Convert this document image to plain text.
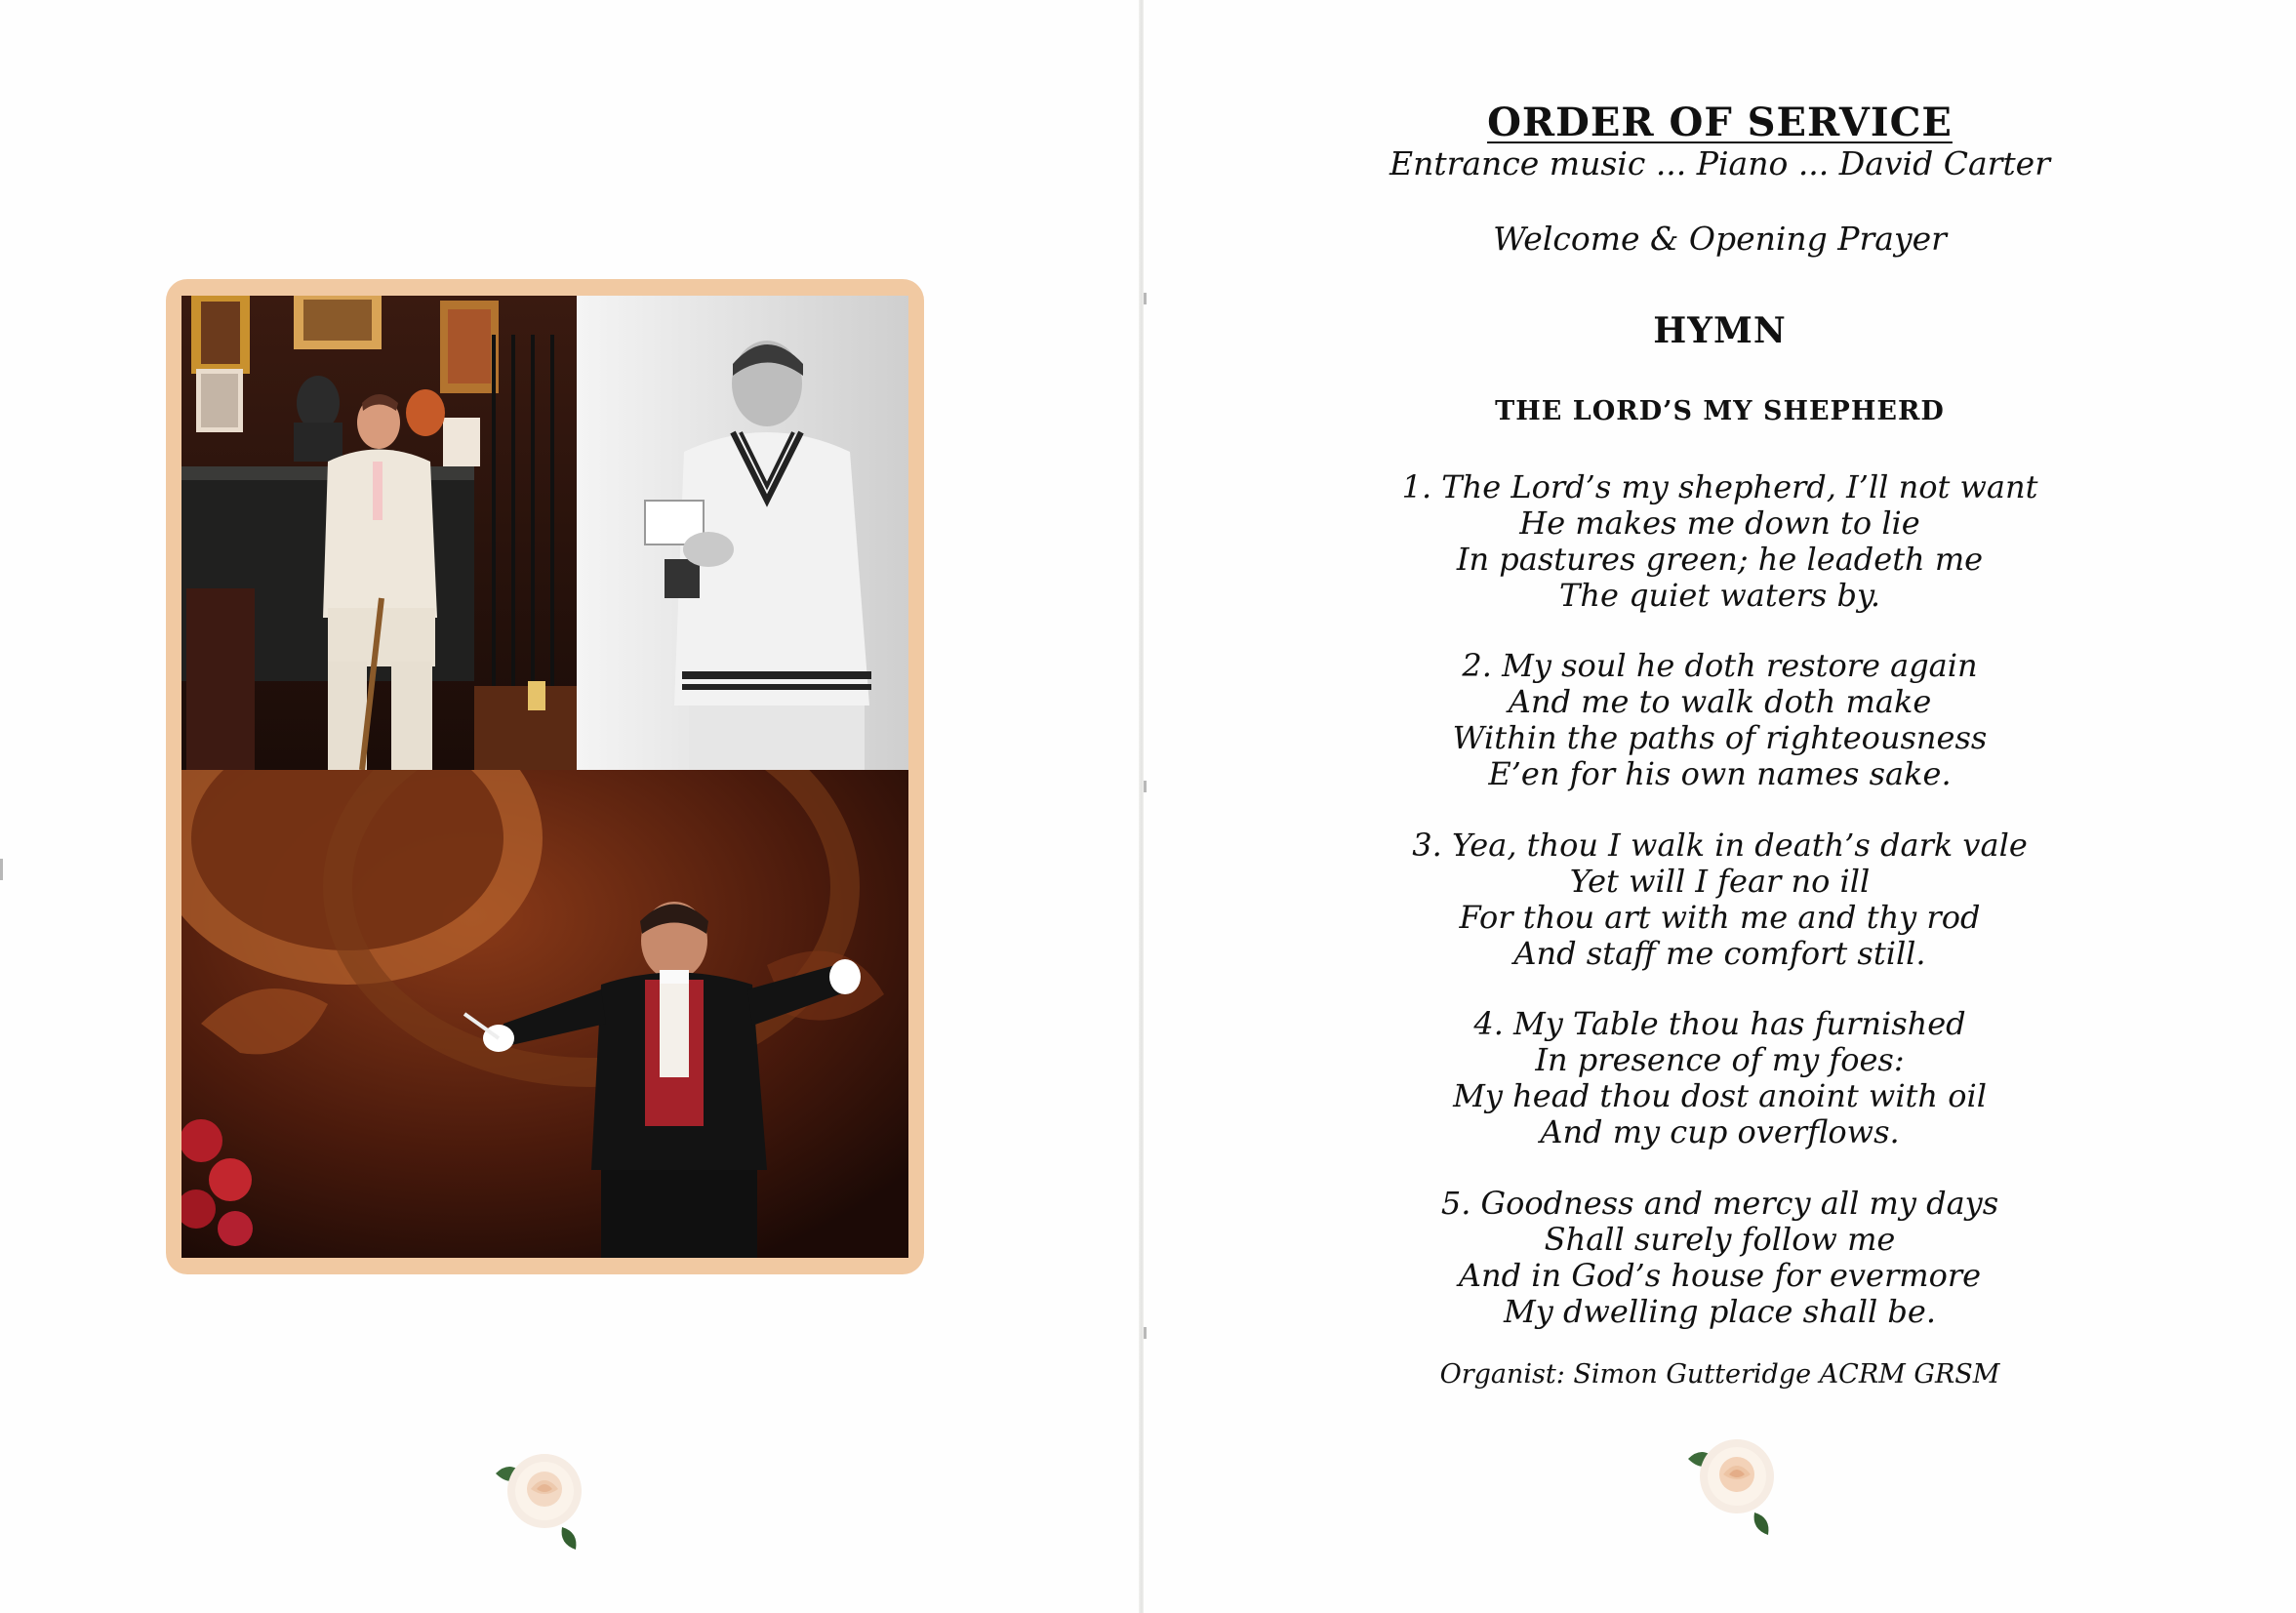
ORDER OF SERVICE
Entrance music ... Piano ... David Carter
Welcome & Opening Prayer
HYMN
THE LORD’S MY SHEPHERD
1. The Lord’s my shepherd, I’ll not want
He makes me down to lie
In pastures green; he leadeth me
The quiet waters by.
2. My soul he doth restore again
And me to walk doth make
Within the paths of righteousness
E’en for his own names sake.
3. Yea, thou I walk in death’s dark vale
Yet will I fear no ill
For thou art with me and thy rod
And staff me comfort still.
4. My Table thou has furnished
In presence of my foes:
My head thou dost anoint with oil
And my cup overflows.
5. Goodness and mercy all my days
Shall surely follow me
And in God’s house for evermore
My dwelling place shall be.
Organist: Simon Gutteridge ACRM GRSM
